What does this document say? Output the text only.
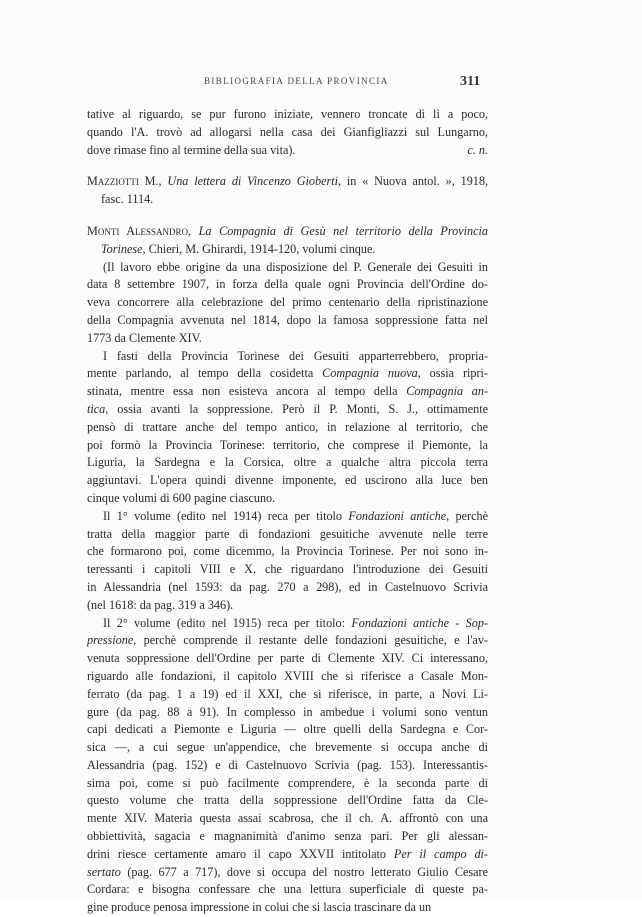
BIBLIOGRAFIA DELLA PROVINCIA	311
tative al riguardo, se pur furono iniziate, vennero troncate di lì a poco,
quando l'A. trovò ad allogarsi nella casa dei Gianfigliazzi sul Lungarno,
dove rimase fino al termine della sua vita).	c. n.
Mazziotti M., Una lettera di Vincenzo Gioberti, in « Nuova antol. », 1918,
fasc. 1114.
Monti Alessandro, La Compagnia di Gesù nel territorio della Provincia
Torinese, Chieri, M. Ghirardi, 1914-120, volumi cinque.
(Il lavoro ebbe origine da una disposizione del P. Generale dei Gesuiti in
data 8 settembre 1907, in forza della quale ogni Provincia dell'Ordine do-
veva concorrere alla celebrazione del primo centenario della ripristinazione
della Compagnia avvenuta nel 1814, dopo la famosa soppressione fatta nel
1773 da Clemente XIV.
I fasti della Provincia Torinese dei Gesuiti apparterrebbero, propria-
mente parlando, al tempo della cosidetta Compagnia nuova, ossia ripri-
stinata, mentre essa non esisteva ancora al tempo della Compagnia an-
tica, ossia avanti la soppressione. Però il P. Monti, S. J., ottimamente
pensò di trattare anche del tempo antico, in relazione al territorio, che
poi formò la Provincia Torinese: territorio, che comprese il Piemonte, la
Liguria, la Sardegna e la Corsica, oltre a qualche altra piccola terra
aggiuntavi. L'opera quindi divenne imponente, ed uscirono alla luce ben
cinque volumi di 600 pagine ciascuno.
Il 1° volume (edito nel 1914) reca per titolo Fondazioni antiche, perchè
tratta della maggior parte di fondazioni gesuitiche avvenute nelle terre
che formarono poi, come dicemmo, la Provincia Torinese. Per noi sono in-
teressanti i capitoli VIII e X, che riguardano l'introduzione dei Gesuiti
in Alessandria (nel 1593: da pag. 270 a 298), ed in Castelnuovo Scrivia
(nel 1618: da pag. 319 a 346).
Il 2° volume (edito nel 1915) reca per titolo: Fondazioni antiche - Sop-
pressione, perchè comprende il restante delle fondazioni gesuitiche, e l'av-
venuta soppressione dell'Ordine per parte di Clemente XIV. Ci interessano,
riguardo alle fondazioni, il capitolo XVIII che si riferisce a Casale Mon-
ferrato (da pag. 1 a 19) ed il XXI, che si riferisce, in parte, a Novi Li-
gure (da pag. 88 a 91). In complesso in ambedue i volumi sono ventun
capi dedicati a Piemonte e Liguria — oltre quelli della Sardegna e Cor-
sica —, a cui segue un'appendice, che brevemente si occupa anche di
Alessandria (pag. 152) e di Castelnuovo Scrivia (pag. 153). Interessantis-
sima poi, come si può facilmente comprendere, è la seconda parte di
questo volume che tratta della soppressione dell'Ordine fatta da Cle-
mente XIV. Materia questa assai scabrosa, che il ch. A. affrontò con una
obbiettività, sagacia e magnanimità d'animo senza pari. Per gli alessan-
drini riesce certamente amaro il capo XXVII intitolato Per il campo di-
sertato (pag. 677 a 717), dove si occupa del nostro letterato Giulio Cesare
Cordara: e bisogna confessare che una lettura superficiale di queste pa-
gine produce penosa impressione in colui che si lascia trascinare da un
